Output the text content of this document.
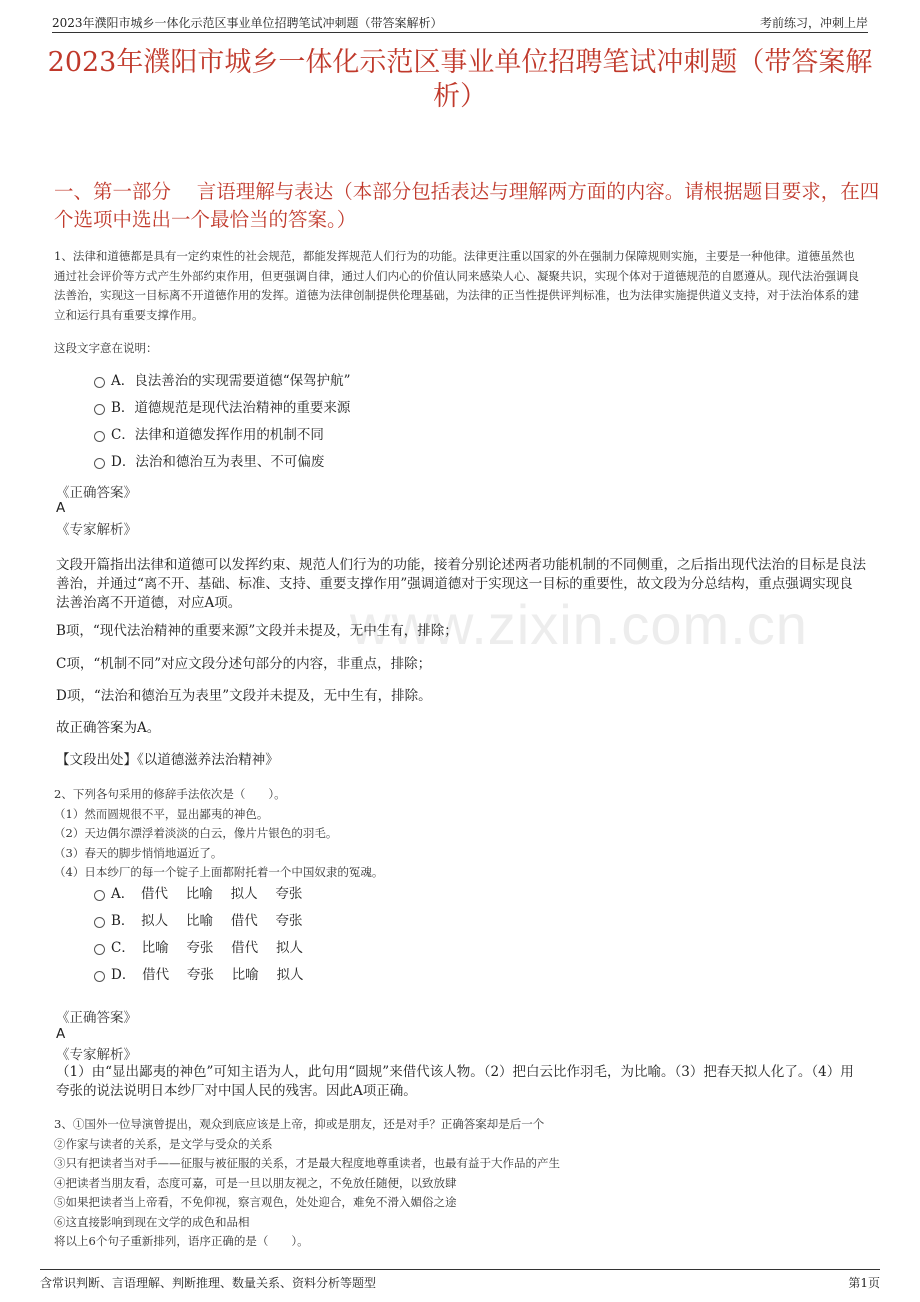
2023年濮阳市城乡一体化示范区事业单位招聘笔试冲刺题（带答案解析）	考前练习，冲刺上岸
2023年濮阳市城乡一体化示范区事业单位招聘笔试冲刺题（带答案解析）
一、第一部分　 言语理解与表达（本部分包括表达与理解两方面的内容。请根据题目要求，在四个选项中选出一个最恰当的答案。）
www.zixin.com.cn
1、法律和道德都是具有一定约束性的社会规范，都能发挥规范人们行为的功能。法律更注重以国家的外在强制力保障规则实施，主要是一种他律。道德虽然也通过社会评价等方式产生外部约束作用，但更强调自律，通过人们内心的价值认同来感染人心、凝聚共识，实现个体对于道德规范的自愿遵从。现代法治强调良法善治，实现这一目标离不开道德作用的发挥。道德为法律创制提供伦理基础，为法律的正当性提供评判标准，也为法律实施提供道义支持，对于法治体系的建立和运行具有重要支撑作用。
这段文字意在说明：
A．良法善治的实现需要道德“保驾护航”
B．道德规范是现代法治精神的重要来源
C．法律和道德发挥作用的机制不同
D．法治和德治互为表里、不可偏废
《正确答案》
A
《专家解析》
文段开篇指出法律和道德可以发挥约束、规范人们行为的功能，接着分别论述两者功能机制的不同侧重，之后指出现代法治的目标是良法善治，并通过“离不开、基础、标准、支持、重要支撑作用”强调道德对于实现这一目标的重要性，故文段为分总结构，重点强调实现良法善治离不开道德，对应A项。
B项，“现代法治精神的重要来源”文段并未提及，无中生有，排除；
C项，“机制不同”对应文段分述句部分的内容，非重点，排除；
D项，“法治和德治互为表里”文段并未提及，无中生有，排除。
故正确答案为A。
【文段出处】《以道德滋养法治精神》
2、下列各句采用的修辞手法依次是（　　）。
（1）然而圆规很不平，显出鄙夷的神色。
（2）天边偶尔漂浮着淡淡的白云，像片片银色的羽毛。
（3）春天的脚步悄悄地逼近了。
（4）日本纱厂的每一个锭子上面都附托着一个中国奴隶的冤魂。
A．　借代　 比喻　 拟人　 夸张
B．　拟人　 比喻　 借代　 夸张
C．　比喻　 夸张　 借代　 拟人
D．　借代　 夸张　 比喻　 拟人
《正确答案》
A
《专家解析》
（1）由“显出鄙夷的神色”可知主语为人，此句用“圆规”来借代该人物。（2）把白云比作羽毛，为比喻。（3）把春天拟人化了。（4）用夸张的说法说明日本纱厂对中国人民的残害。因此A项正确。
3、①国外一位导演曾提出，观众到底应该是上帝，抑或是朋友，还是对手？正确答案却是后一个
②作家与读者的关系，是文学与受众的关系
③只有把读者当对手——征服与被征服的关系，才是最大程度地尊重读者，也最有益于大作品的产生
④把读者当朋友看，态度可嘉，可是一旦以朋友视之，不免放任随便，以致放肆
⑤如果把读者当上帝看，不免仰视，察言观色，处处迎合，难免不滑入媚俗之途
⑥这直接影响到现在文学的成色和品相
将以上6个句子重新排列，语序正确的是（　　）。
含常识判断、言语理解、判断推理、数量关系、资料分析等题型	第1页
